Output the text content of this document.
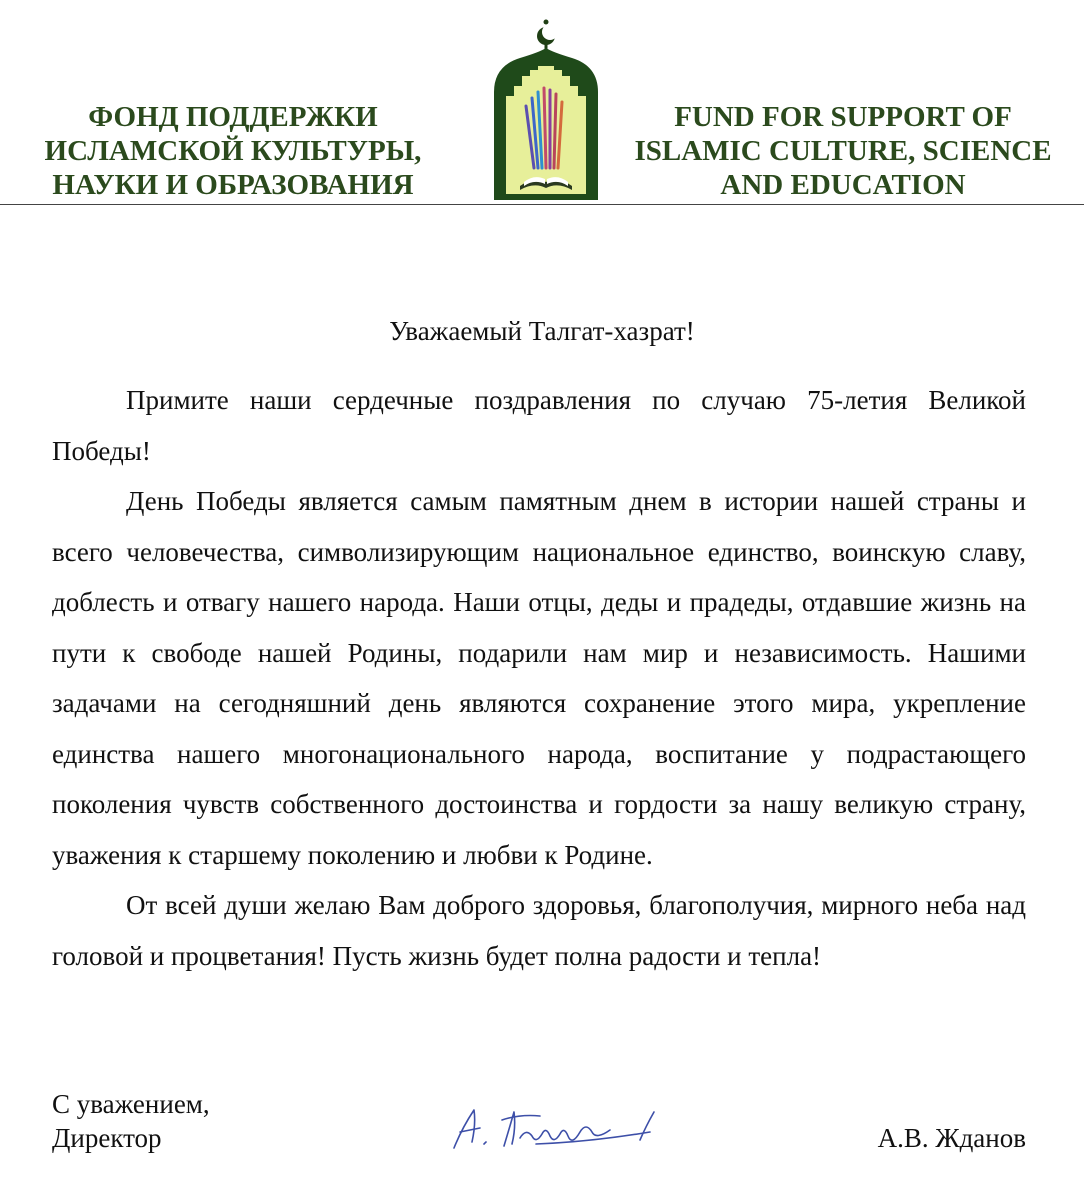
ФОНД ПОДДЕРЖКИ
ИСЛАМСКОЙ КУЛЬТУРЫ,
НАУКИ И ОБРАЗОВАНИЯ
FUND FOR SUPPORT OF
ISLAMIC CULTURE, SCIENCE
AND EDUCATION
Уважаемый Талгат-хазрат!

Примите наши сердечные поздравления по случаю 75-летия Великой Победы!

День Победы является самым памятным днем в истории нашей страны и всего человечества, символизирующим национальное единство, воинскую славу, доблесть и отвагу нашего народа. Наши отцы, деды и прадеды, отдавшие жизнь на пути к свободе нашей Родины, подарили нам мир и независимость. Нашими задачами на сегодняшний день являются сохранение этого мира, укрепление единства нашего многонационального народа, воспитание у подрастающего поколения чувств собственного достоинства и гордости за нашу великую страну, уважения к старшему поколению и любви к Родине.

От всей души желаю Вам доброго здоровья, благополучия, мирного неба над головой и процветания! Пусть жизнь будет полна радости и тепла!

С уважением,
Директор	А.В. Жданов
